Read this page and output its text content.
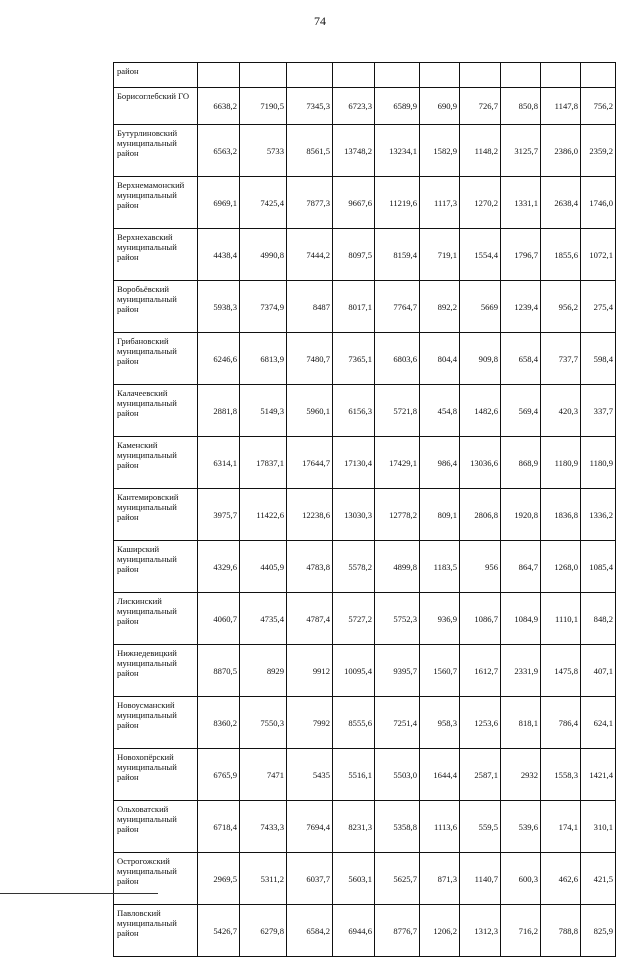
74
район										
Борисоглебский ГО	6638,2	7190,5	7345,3	6723,3	6589,9	690,9	726,7	850,8	1147,8	756,2
Бутурлиновский муниципальный район	6563,2	5733	8561,5	13748,2	13234,1	1582,9	1148,2	3125,7	2386,0	2359,2
Верхнемамонский муниципальный район	6969,1	7425,4	7877,3	9667,6	11219,6	1117,3	1270,2	1331,1	2638,4	1746,0
Верхнехавский муниципальный район	4438,4	4990,8	7444,2	8097,5	8159,4	719,1	1554,4	1796,7	1855,6	1072,1
Воробьёвский муниципальный район	5938,3	7374,9	8487	8017,1	7764,7	892,2	5669	1239,4	956,2	275,4
Грибановский муниципальный район	6246,6	6813,9	7480,7	7365,1	6803,6	804,4	909,8	658,4	737,7	598,4
Калачеевский муниципальный район	2881,8	5149,3	5960,1	6156,3	5721,8	454,8	1482,6	569,4	420,3	337,7
Каменский муниципальный район	6314,1	17837,1	17644,7	17130,4	17429,1	986,4	13036,6	868,9	1180,9	1180,9
Кантемировский муниципальный район	3975,7	11422,6	12238,6	13030,3	12778,2	809,1	2806,8	1920,8	1836,8	1336,2
Каширский муниципальный район	4329,6	4405,9	4783,8	5578,2	4899,8	1183,5	956	864,7	1268,0	1085,4
Лискинский муниципальный район	4060,7	4735,4	4787,4	5727,2	5752,3	936,9	1086,7	1084,9	1110,1	848,2
Нижнедевицкий муниципальный район	8870,5	8929	9912	10095,4	9395,7	1560,7	1612,7	2331,9	1475,8	407,1
Новоусманский муниципальный район	8360,2	7550,3	7992	8555,6	7251,4	958,3	1253,6	818,1	786,4	624,1
Новохопёрский муниципальный район	6765,9	7471	5435	5516,1	5503,0	1644,4	2587,1	2932	1558,3	1421,4
Ольховатский муниципальный район	6718,4	7433,3	7694,4	8231,3	5358,8	1113,6	559,5	539,6	174,1	310,1
Острогожский муниципальный район	2969,5	5311,2	6037,7	5603,1	5625,7	871,3	1140,7	600,3	462,6	421,5
Павловский муниципальный район	5426,7	6279,8	6584,2	6944,6	8776,7	1206,2	1312,3	716,2	788,8	825,9
